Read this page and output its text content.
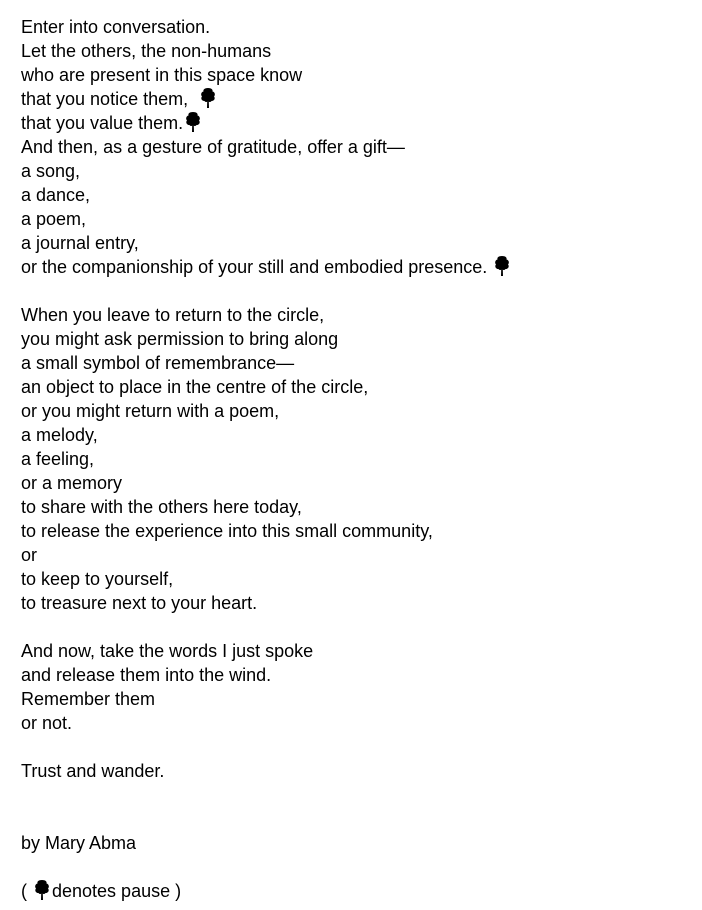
Enter into conversation.
Let the others, the non-humans
who are present in this space know
that you notice them,
that you value them.
And then, as a gesture of gratitude, offer a gift—
a song,
a dance,
a poem,
a journal entry,
or the companionship of your still and embodied presence.
When you leave to return to the circle,
you might ask permission to bring along
a small symbol of remembrance—
an object to place in the centre of the circle,
or you might return with a poem,
a melody,
a feeling,
or a memory
to share with the others here today,
to release the experience into this small community,
or
to keep to yourself,
to treasure next to your heart.
And now, take the words I just spoke
and release them into the wind.
Remember them
or not.
Trust and wander.
by Mary Abma
(
denotes pause )
